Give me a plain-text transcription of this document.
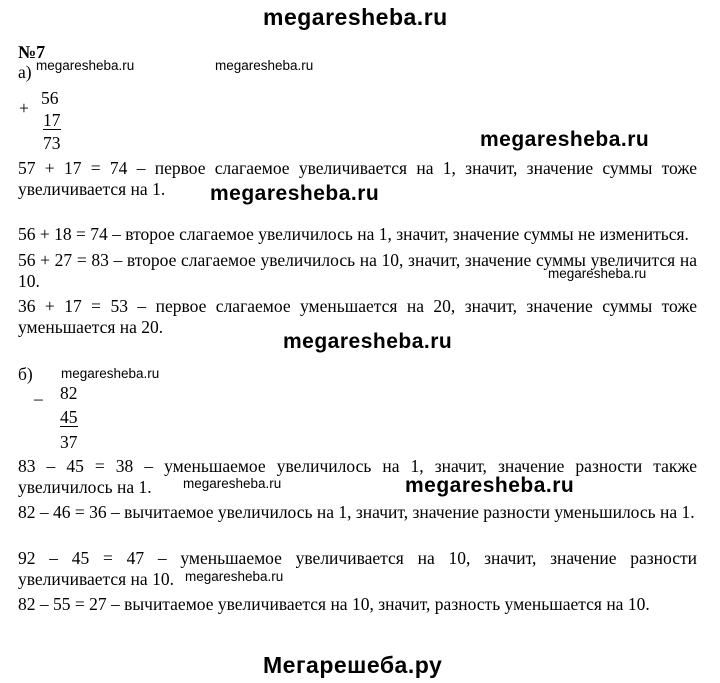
megaresheba.ru
№7
а) megaresheba.ru	megaresheba.ru
+ 56
17
73	megaresheba.ru
57 + 17 = 74 – первое слагаемое увеличивается на 1, значит, значение суммы тоже увеличивается на 1.
56 + 18 = 74 – второе слагаемое увеличилось на 1, значит, значение суммы не измениться.
56 + 27 = 83 – второе слагаемое увеличилось на 10, значит, значение суммы увеличится на 10.
36 + 17 = 53 – первое слагаемое уменьшается на 20, значит, значение суммы тоже уменьшается на 20.
megaresheba.ru
megaresheba.ru
megaresheba.ru
б) megaresheba.ru
_ 82
45
37
83 – 45 = 38 – уменьшаемое увеличилось на 1, значит, значение разности также увеличилось на 1.
82 – 46 = 36 – вычитаемое увеличилось на 1, значит, значение разности уменьшилось на 1.
92 – 45 = 47 – уменьшаемое увеличивается на 10, значит, значение разности увеличивается на 10.
82 – 55 = 27 – вычитаемое увеличивается на 10, значит, разность уменьшается на 10.
megaresheba.ru	megaresheba.ru
megaresheba.ru
Мегарешеба.ру
